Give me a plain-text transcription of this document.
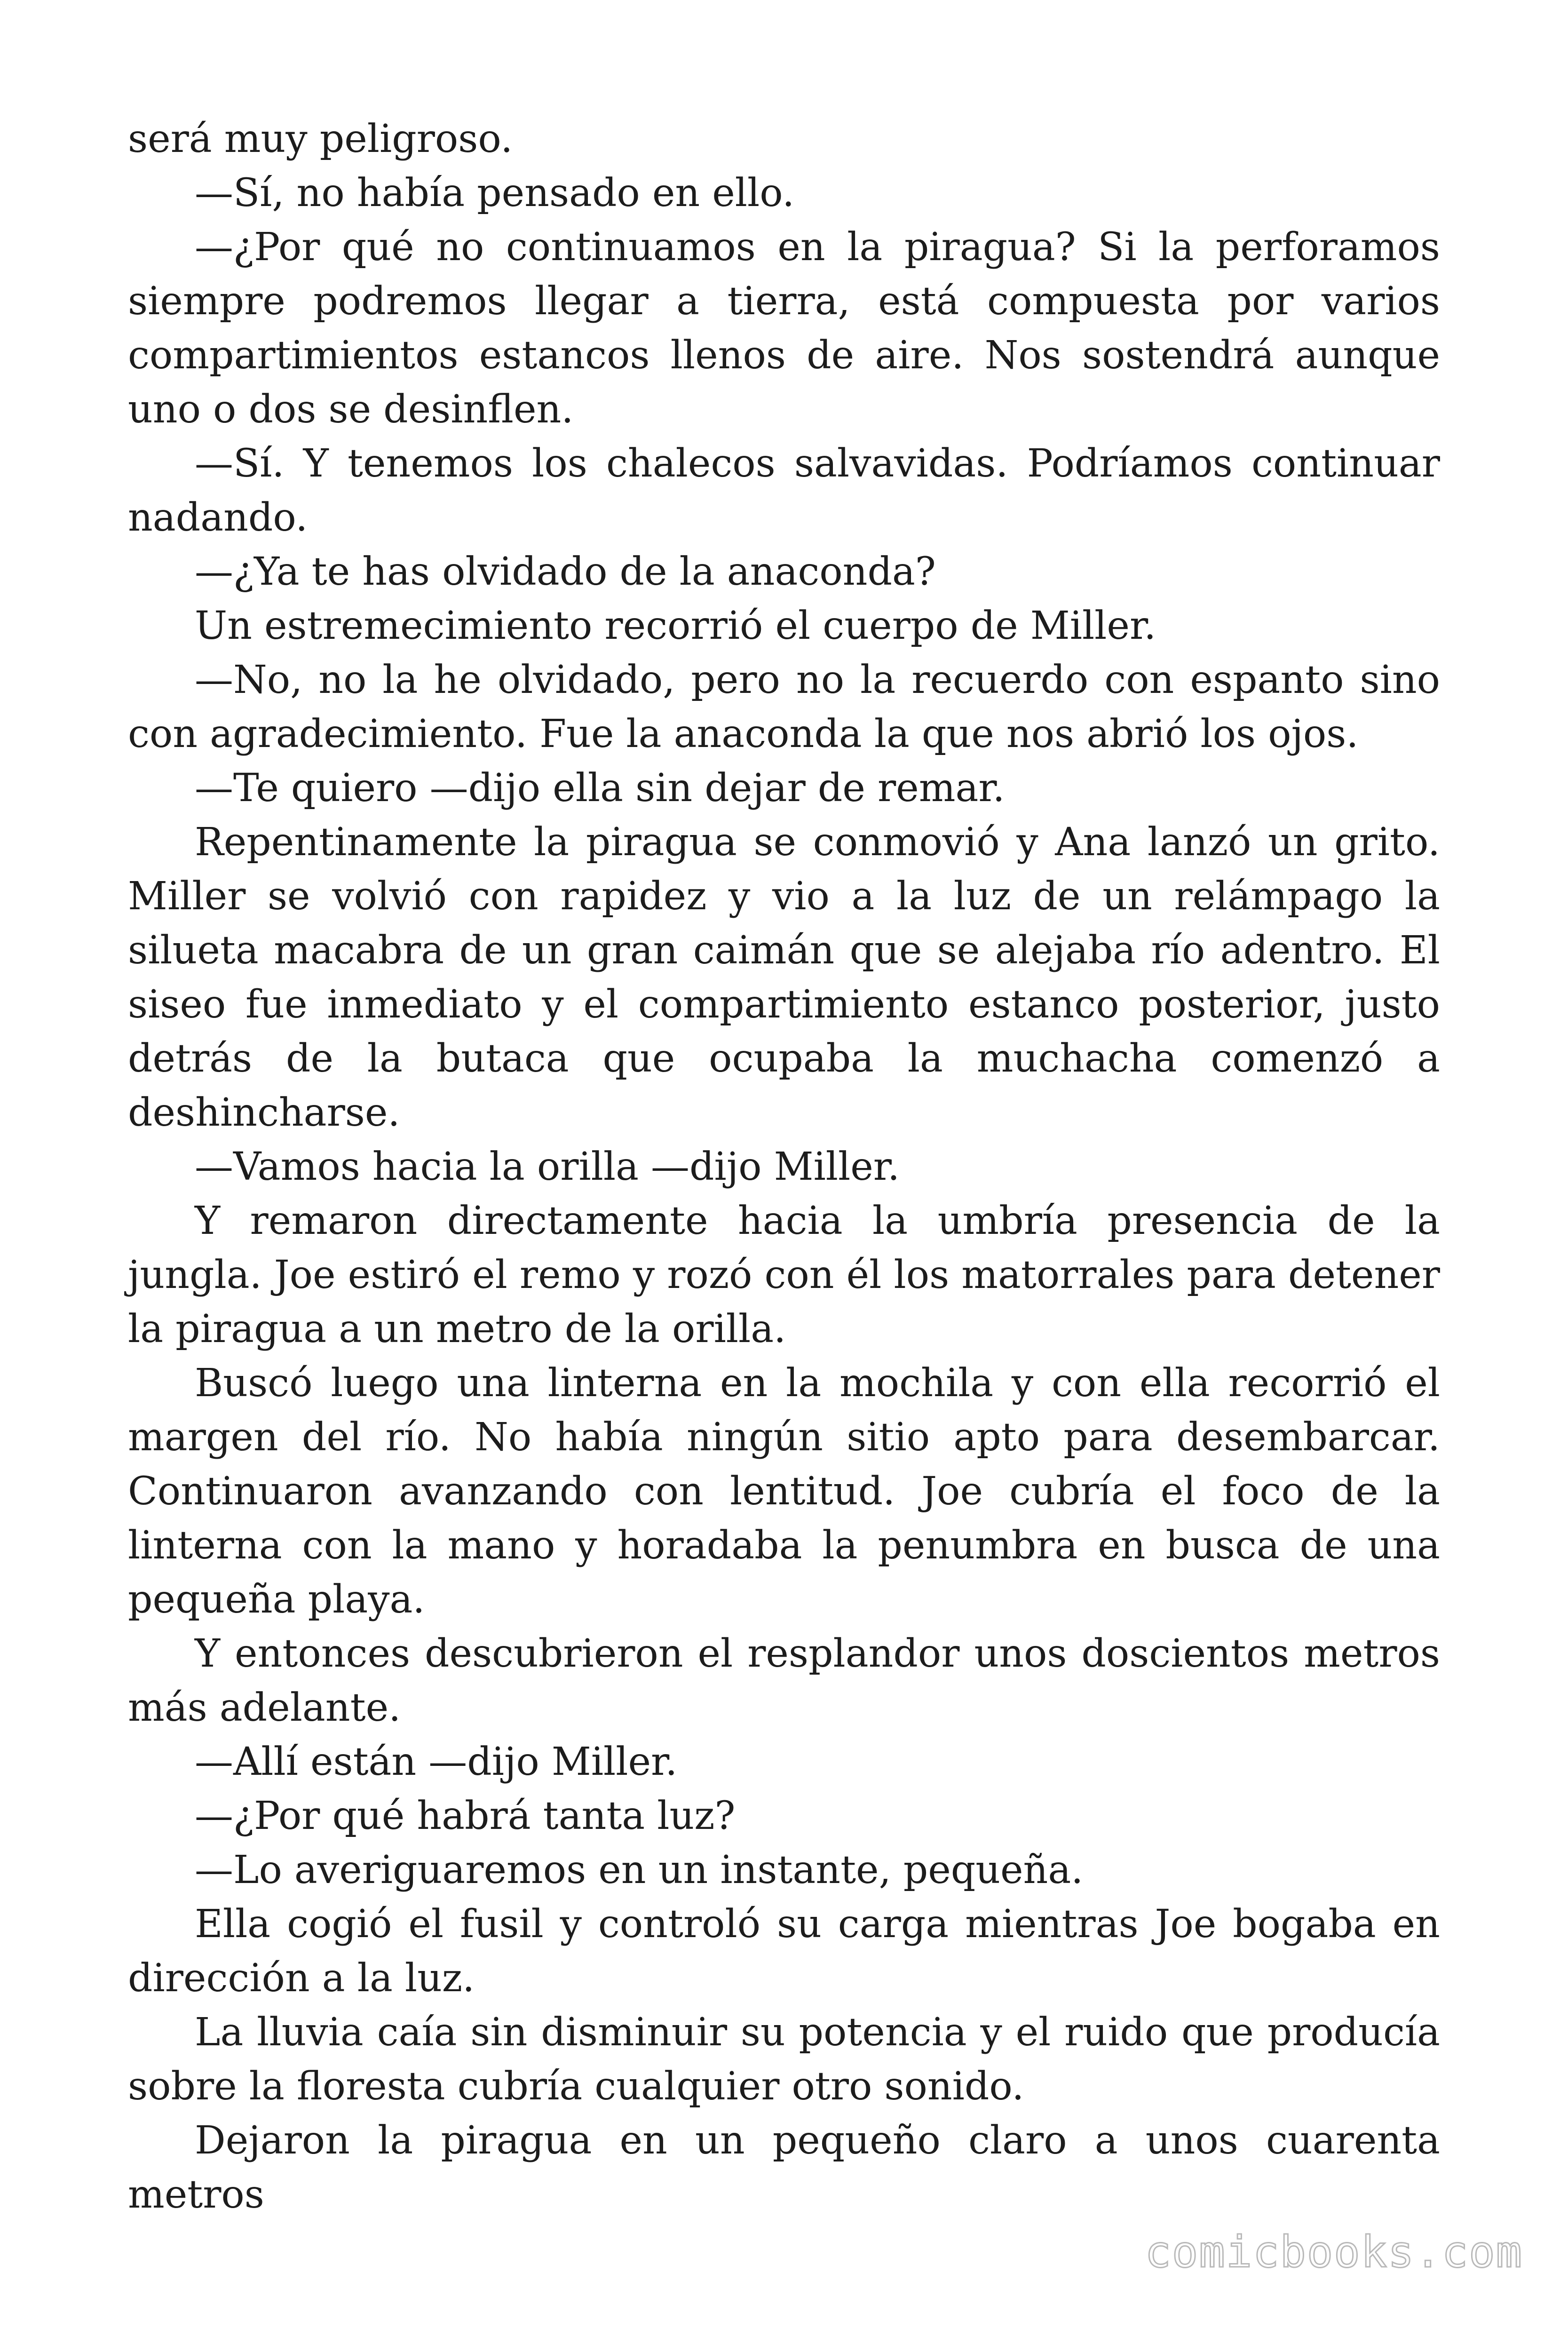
será muy peligroso.

—Sí, no había pensado en ello.

—¿Por qué no continuamos en la piragua? Si la perforamos siempre podremos llegar a tierra, está compuesta por varios compartimientos estancos llenos de aire. Nos sostendrá aunque uno o dos se desinflen.

—Sí. Y tenemos los chalecos salvavidas. Podríamos continuar nadando.

—¿Ya te has olvidado de la anaconda?

Un estremecimiento recorrió el cuerpo de Miller.

—No, no la he olvidado, pero no la recuerdo con espanto sino con agradecimiento. Fue la anaconda la que nos abrió los ojos.

—Te quiero —dijo ella sin dejar de remar.

Repentinamente la piragua se conmovió y Ana lanzó un grito. Miller se volvió con rapidez y vio a la luz de un relámpago la silueta macabra de un gran caimán que se alejaba río adentro. El siseo fue inmediato y el compartimiento estanco posterior, justo detrás de la butaca que ocupaba la muchacha comenzó a deshincharse.

—Vamos hacia la orilla —dijo Miller.

Y remaron directamente hacia la umbría presencia de la jungla. Joe estiró el remo y rozó con él los matorrales para detener la piragua a un metro de la orilla.

Buscó luego una linterna en la mochila y con ella recorrió el margen del río. No había ningún sitio apto para desembarcar. Continuaron avanzando con lentitud. Joe cubría el foco de la linterna con la mano y horadaba la penumbra en busca de una pequeña playa.

Y entonces descubrieron el resplandor unos doscientos metros más adelante.

—Allí están —dijo Miller.

—¿Por qué habrá tanta luz?

—Lo averiguaremos en un instante, pequeña.

Ella cogió el fusil y controló su carga mientras Joe bogaba en dirección a la luz.

La lluvia caía sin disminuir su potencia y el ruido que producía sobre la floresta cubría cualquier otro sonido.

Dejaron la piragua en un pequeño claro a unos cuarenta metros

comicbooks.com
